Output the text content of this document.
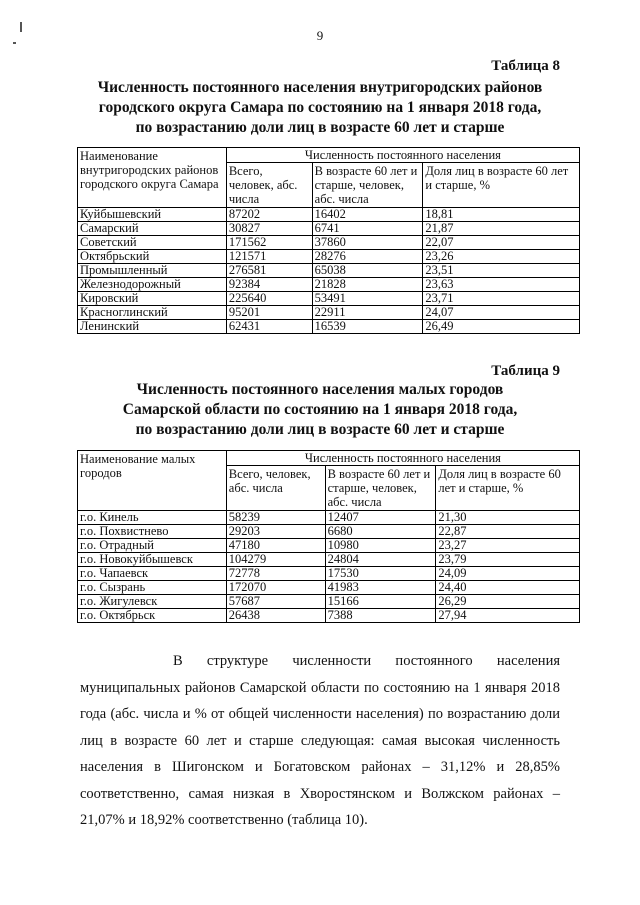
9
Таблица 8
Численность постоянного населения внутригородских районов
городского округа Самара по состоянию на 1 января 2018 года,
по возрастанию доли лиц в возрасте 60 лет и старше
Наименование внутригородских районов городского округа Самара	Численность постоянного населения		
	Всего, человек, абс. числа	В возрасте 60 лет и старше, человек, абс. числа	Доля лиц в возрасте 60 лет и старше, %
Куйбышевский	87202	16402	18,81
Самарский	30827	6741	21,87
Советский	171562	37860	22,07
Октябрьский	121571	28276	23,26
Промышленный	276581	65038	23,51
Железнодорожный	92384	21828	23,63
Кировский	225640	53491	23,71
Красноглинский	95201	22911	24,07
Ленинский	62431	16539	26,49
Таблица 9
Численность постоянного населения малых городов
Самарской области по состоянию на 1 января 2018 года,
по возрастанию доли лиц в возрасте 60 лет и старше
Наименование малых городов	Численность постоянного населения		
	Всего, человек, абс. числа	В возрасте 60 лет и старше, человек, абс. числа	Доля лиц в возрасте 60 лет и старше, %
г.о. Кинель	58239	12407	21,30
г.о. Похвистнево	29203	6680	22,87
г.о. Отрадный	47180	10980	23,27
г.о. Новокуйбышевск	104279	24804	23,79
г.о. Чапаевск	72778	17530	24,09
г.о. Сызрань	172070	41983	24,40
г.о. Жигулевск	57687	15166	26,29
г.о. Октябрьск	26438	7388	27,94
В структуре численности постоянного населения муниципальных районов Самарской области по состоянию на 1 января 2018 года (абс. числа и % от общей численности населения) по возрастанию доли лиц в возрасте 60 лет и старше следующая: самая высокая численность населения в Шигонском и Богатовском районах – 31,12% и 28,85% соответственно, самая низкая в Хворостянском и Волжском районах – 21,07% и 18,92% соответственно (таблица 10).
